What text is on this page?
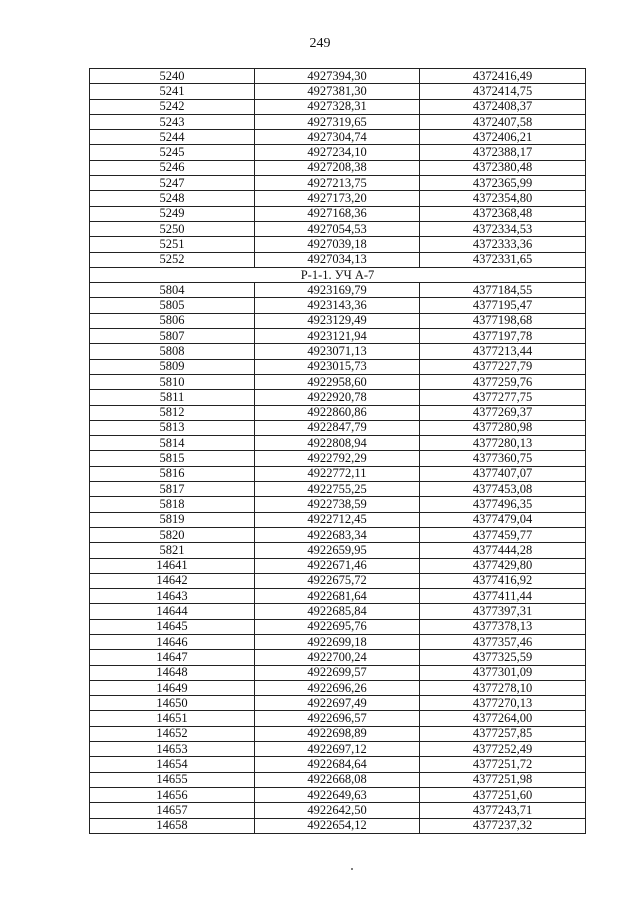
249
5240	4927394,30	4372416,49
5241	4927381,30	4372414,75
5242	4927328,31	4372408,37
5243	4927319,65	4372407,58
5244	4927304,74	4372406,21
5245	4927234,10	4372388,17
5246	4927208,38	4372380,48
5247	4927213,75	4372365,99
5248	4927173,20	4372354,80
5249	4927168,36	4372368,48
5250	4927054,53	4372334,53
5251	4927039,18	4372333,36
5252	4927034,13	4372331,65
Р-1-1. УЧ А-7		
5804	4923169,79	4377184,55
5805	4923143,36	4377195,47
5806	4923129,49	4377198,68
5807	4923121,94	4377197,78
5808	4923071,13	4377213,44
5809	4923015,73	4377227,79
5810	4922958,60	4377259,76
5811	4922920,78	4377277,75
5812	4922860,86	4377269,37
5813	4922847,79	4377280,98
5814	4922808,94	4377280,13
5815	4922792,29	4377360,75
5816	4922772,11	4377407,07
5817	4922755,25	4377453,08
5818	4922738,59	4377496,35
5819	4922712,45	4377479,04
5820	4922683,34	4377459,77
5821	4922659,95	4377444,28
14641	4922671,46	4377429,80
14642	4922675,72	4377416,92
14643	4922681,64	4377411,44
14644	4922685,84	4377397,31
14645	4922695,76	4377378,13
14646	4922699,18	4377357,46
14647	4922700,24	4377325,59
14648	4922699,57	4377301,09
14649	4922696,26	4377278,10
14650	4922697,49	4377270,13
14651	4922696,57	4377264,00
14652	4922698,89	4377257,85
14653	4922697,12	4377252,49
14654	4922684,64	4377251,72
14655	4922668,08	4377251,98
14656	4922649,63	4377251,60
14657	4922642,50	4377243,71
14658	4922654,12	4377237,32
